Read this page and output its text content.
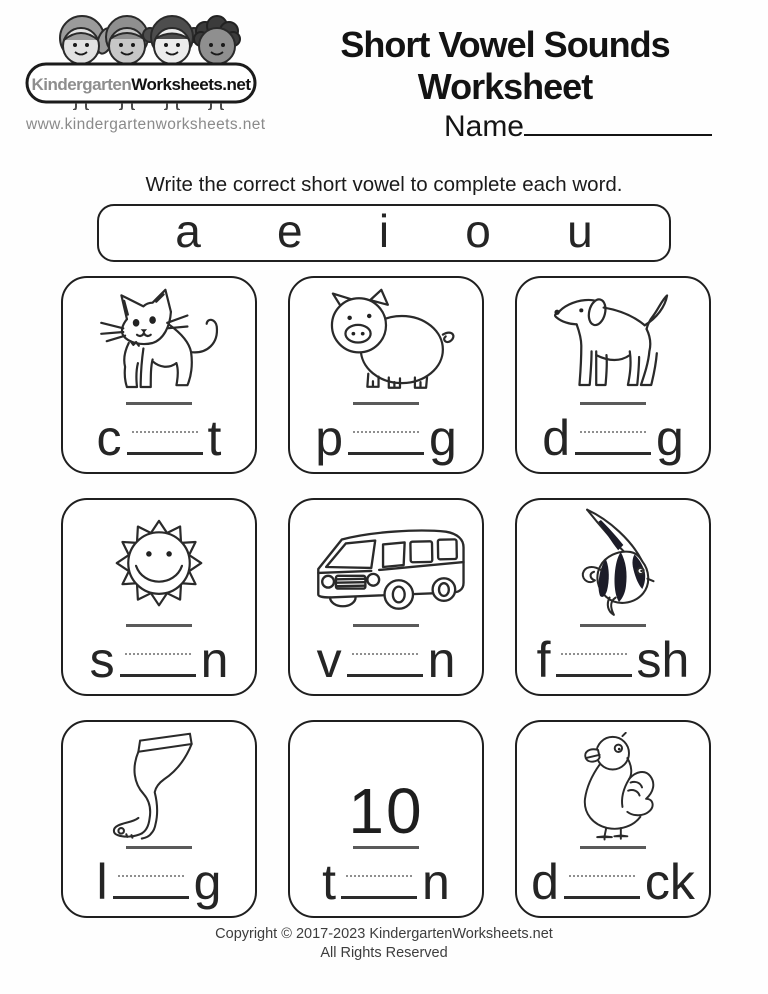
Kindergarten Worksheets.net
www.kindergartenworksheets.net
Short Vowel Sounds Worksheet
Name
Write the correct short vowel to complete each word.
a e i o u
c t p g d g
s n v n f sh
l g
10
t n d ck
Copyright © 2017-2023 KindergartenWorksheets.net
All Rights Reserved
